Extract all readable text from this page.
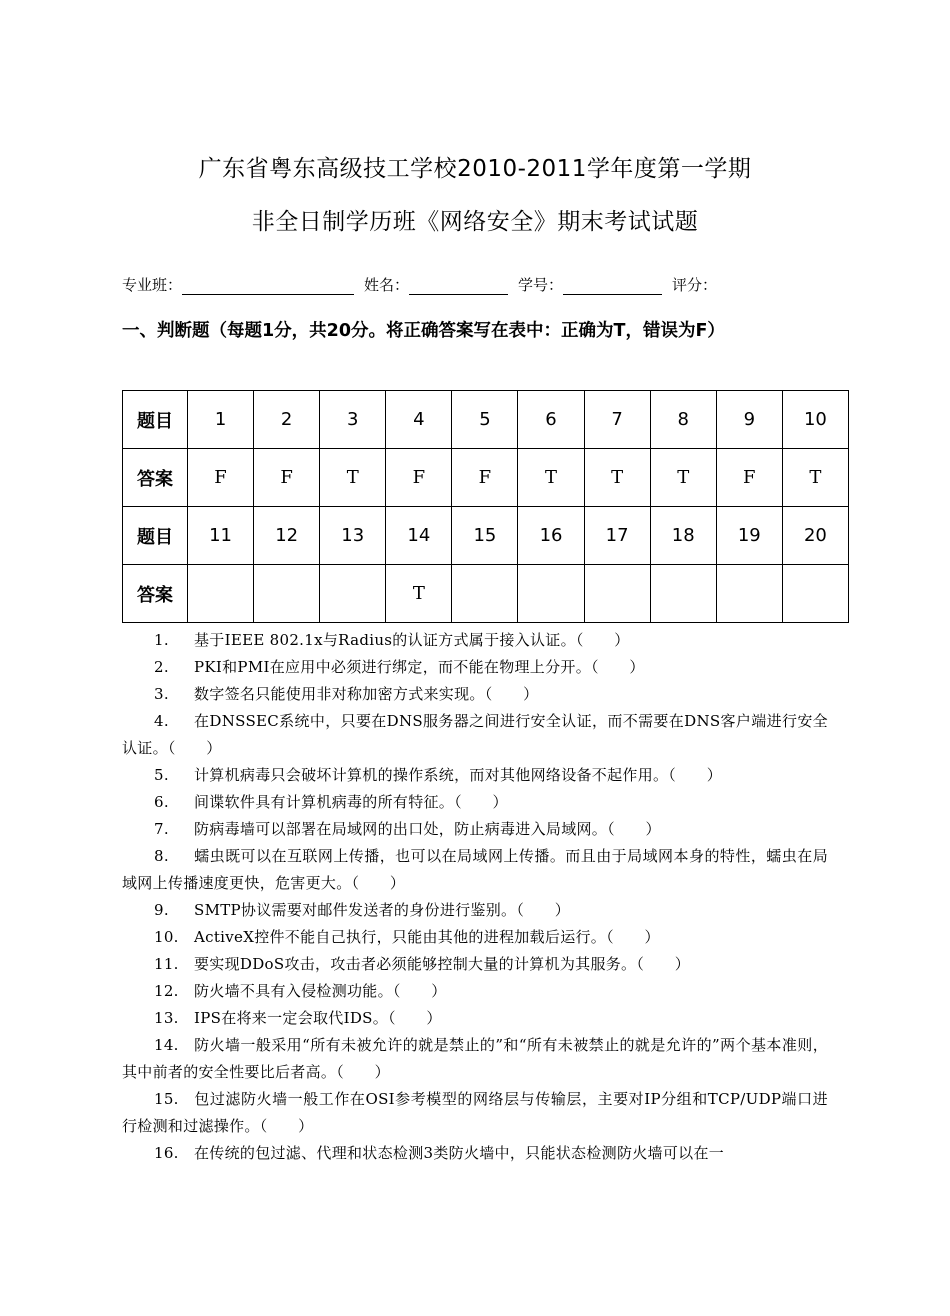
广东省粤东高级技工学校2010-2011学年度第一学期
非全日制学历班《网络安全》期末考试试题
专业班：	姓名：	学号：	评分：
一、判断题（每题1分，共20分。将正确答案写在表中：正确为T，错误为F）
题目	1	2	3	4	5	6	7	8	9	10
答案	F	F	T	F	F	T	T	T	F	T
题目	11	12	13	14	15	16	17	18	19	20
答案				T						
1. 基于IEEE 802.1x与Radius的认证方式属于接入认证。（　　）
2. PKI和PMI在应用中必须进行绑定，而不能在物理上分开。（　　）
3. 数字签名只能使用非对称加密方式来实现。（　　）
4. 在DNSSEC系统中，只要在DNS服务器之间进行安全认证，而不需要在DNS客户端进行安全认证。（　　）
5. 计算机病毒只会破坏计算机的操作系统，而对其他网络设备不起作用。（　　）
6. 间谍软件具有计算机病毒的所有特征。（　　）
7. 防病毒墙可以部署在局域网的出口处，防止病毒进入局域网。（　　）
8. 蠕虫既可以在互联网上传播，也可以在局域网上传播。而且由于局域网本身的特性，蠕虫在局域网上传播速度更快，危害更大。（　　）
9. SMTP协议需要对邮件发送者的身份进行鉴别。（　　）
10. ActiveX控件不能自己执行，只能由其他的进程加载后运行。（　　）
11. 要实现DDoS攻击，攻击者必须能够控制大量的计算机为其服务。（　　）
12. 防火墙不具有入侵检测功能。（　　）
13. IPS在将来一定会取代IDS。（　　）
14. 防火墙一般采用“所有未被允许的就是禁止的”和“所有未被禁止的就是允许的”两个基本准则，其中前者的安全性要比后者高。（　　）
15. 包过滤防火墙一般工作在OSI参考模型的网络层与传输层，主要对IP分组和TCP/UDP端口进行检测和过滤操作。（　　）
16. 在传统的包过滤、代理和状态检测3类防火墙中，只能状态检测防火墙可以在一
